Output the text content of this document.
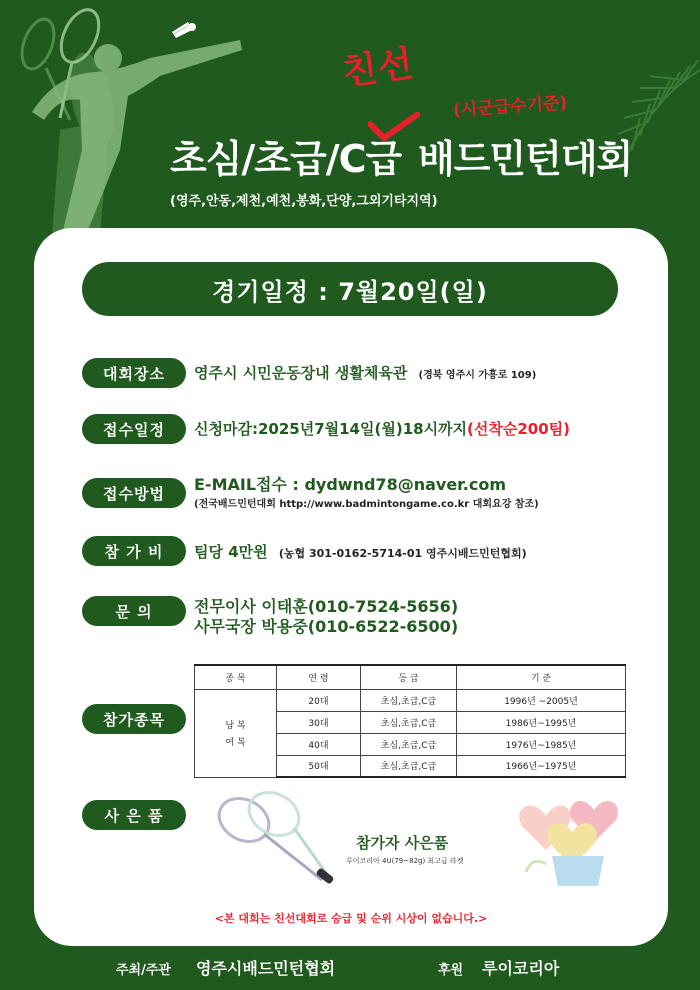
친선
(시군급수기준)
초심/초급/C급 배드민턴대회
(영주,안동,제천,예천,봉화,단양,그외기타지역)
경기일정 : 7월20일(일)
대회장소	영주시 시민운동장내 생활체육관 (경북 영주시 가흥로 109)
접수일정	신청마감:2025년7월14일(월)18시까지(선착순200팀)
접수방법	E-MAIL접수 : dydwnd78@naver.com
(전국배드민턴대회 http://www.badmintongame.co.kr 대회요강 참조)
참 가 비	팀당 4만원 (농협 301-0162-5714-01 영주시배드민턴협회)
문 의	전무이사 이태훈(010-7524-5656)
사무국장 박용중(010-6522-6500)
참가종목
종 목	연 령	등 급	기 준

남 복
여 복	20대	초심,초급,C급	1996년 ~2005년
	30대	초심,초급,C급	1986년~1995년
	40대	초심,초급,C급	1976년~1985년
	50대	초심,초급,C급	1966년~1975년
사 은 품
참가자 사은품
루이코리아 4U(79~82g) 최고급 라켓
<본 대회는 친선대회로 승급 및 순위 시상이 없습니다.>
주최/주관 영주시배드민턴협회	후원 루이코리아
